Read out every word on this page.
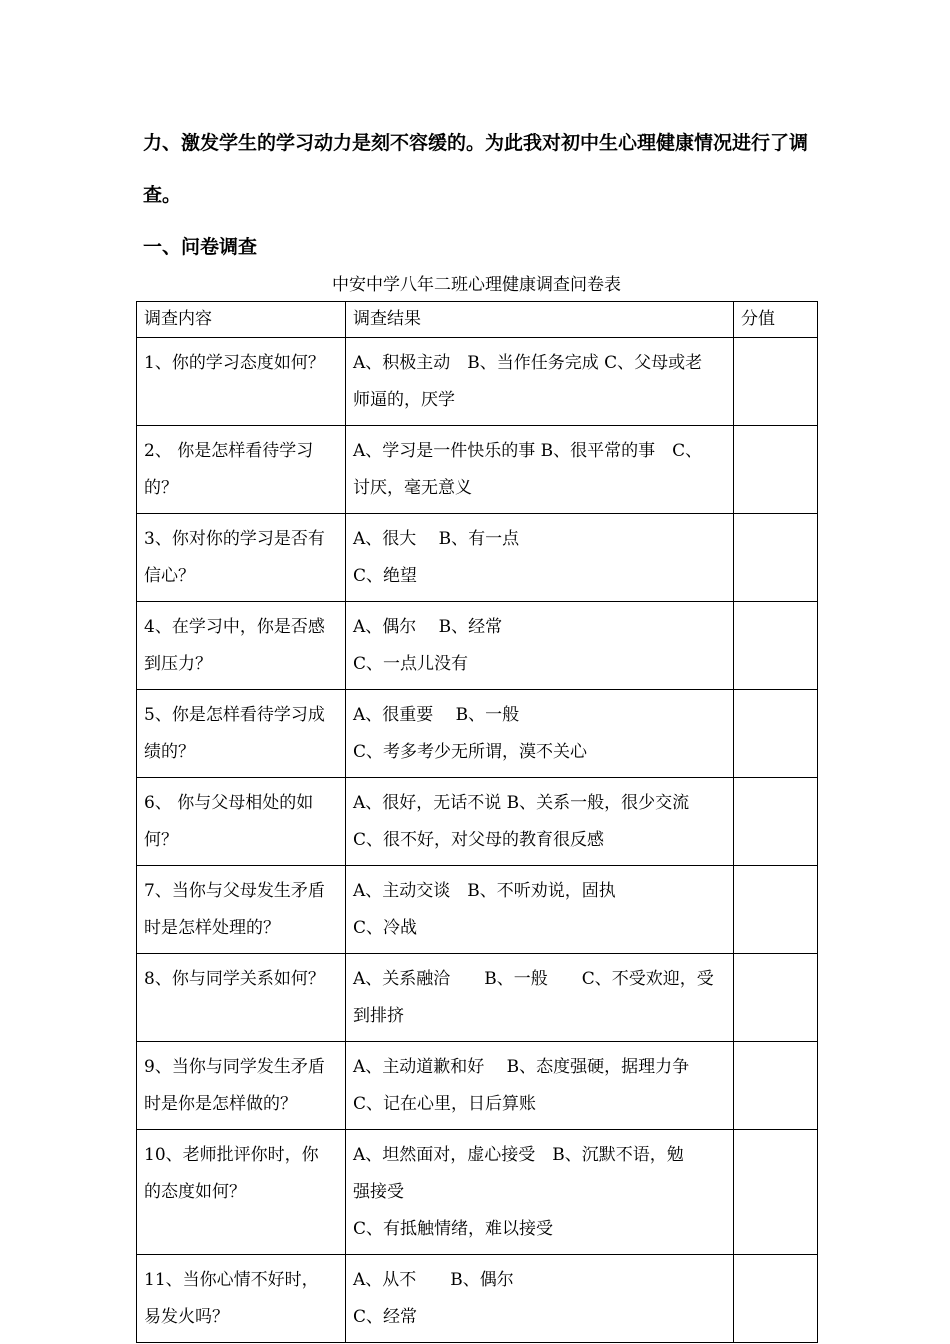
力、激发学生的学习动力是刻不容缓的。为此我对初中生心理健康情况进行了调
查。
一、问卷调查
中安中学八年二班心理健康调查问卷表
调查内容	调查结果	分值

1、你的学习态度如何？	A、积极主动　B、当作任务完成 C、父母或老
师逼的，厌学	

2、 你是怎样看待学习
的？	A、学习是一件快乐的事 B、很平常的事　C、
讨厌，毫无意义	

3、你对你的学习是否有
信心？	A、很大　 B、有一点
C、绝望	

4、在学习中，你是否感
到压力？	A、偶尔　 B、经常
C、一点儿没有	

5、你是怎样看待学习成
绩的？	A、很重要　 B、一般
C、考多考少无所谓，漠不关心	

6、 你与父母相处的如
何？	A、很好，无话不说 B、关系一般，很少交流
C、很不好，对父母的教育很反感	

7、当你与父母发生矛盾
时是怎样处理的？	A、主动交谈　B、不听劝说，固执
C、冷战	

8、你与同学关系如何？	A、关系融洽　　B、一般　　C、不受欢迎，受
到排挤	

9、当你与同学发生矛盾
时是你是怎样做的？	A、主动道歉和好　 B、态度强硬，据理力争
C、记在心里，日后算账	

10、老师批评你时，你
的态度如何？	A、坦然面对，虚心接受　B、沉默不语，勉
强接受
C、有抵触情绪，难以接受	

11、当你心情不好时，
易发火吗？	A、从不　　B、偶尔
C、经常	
